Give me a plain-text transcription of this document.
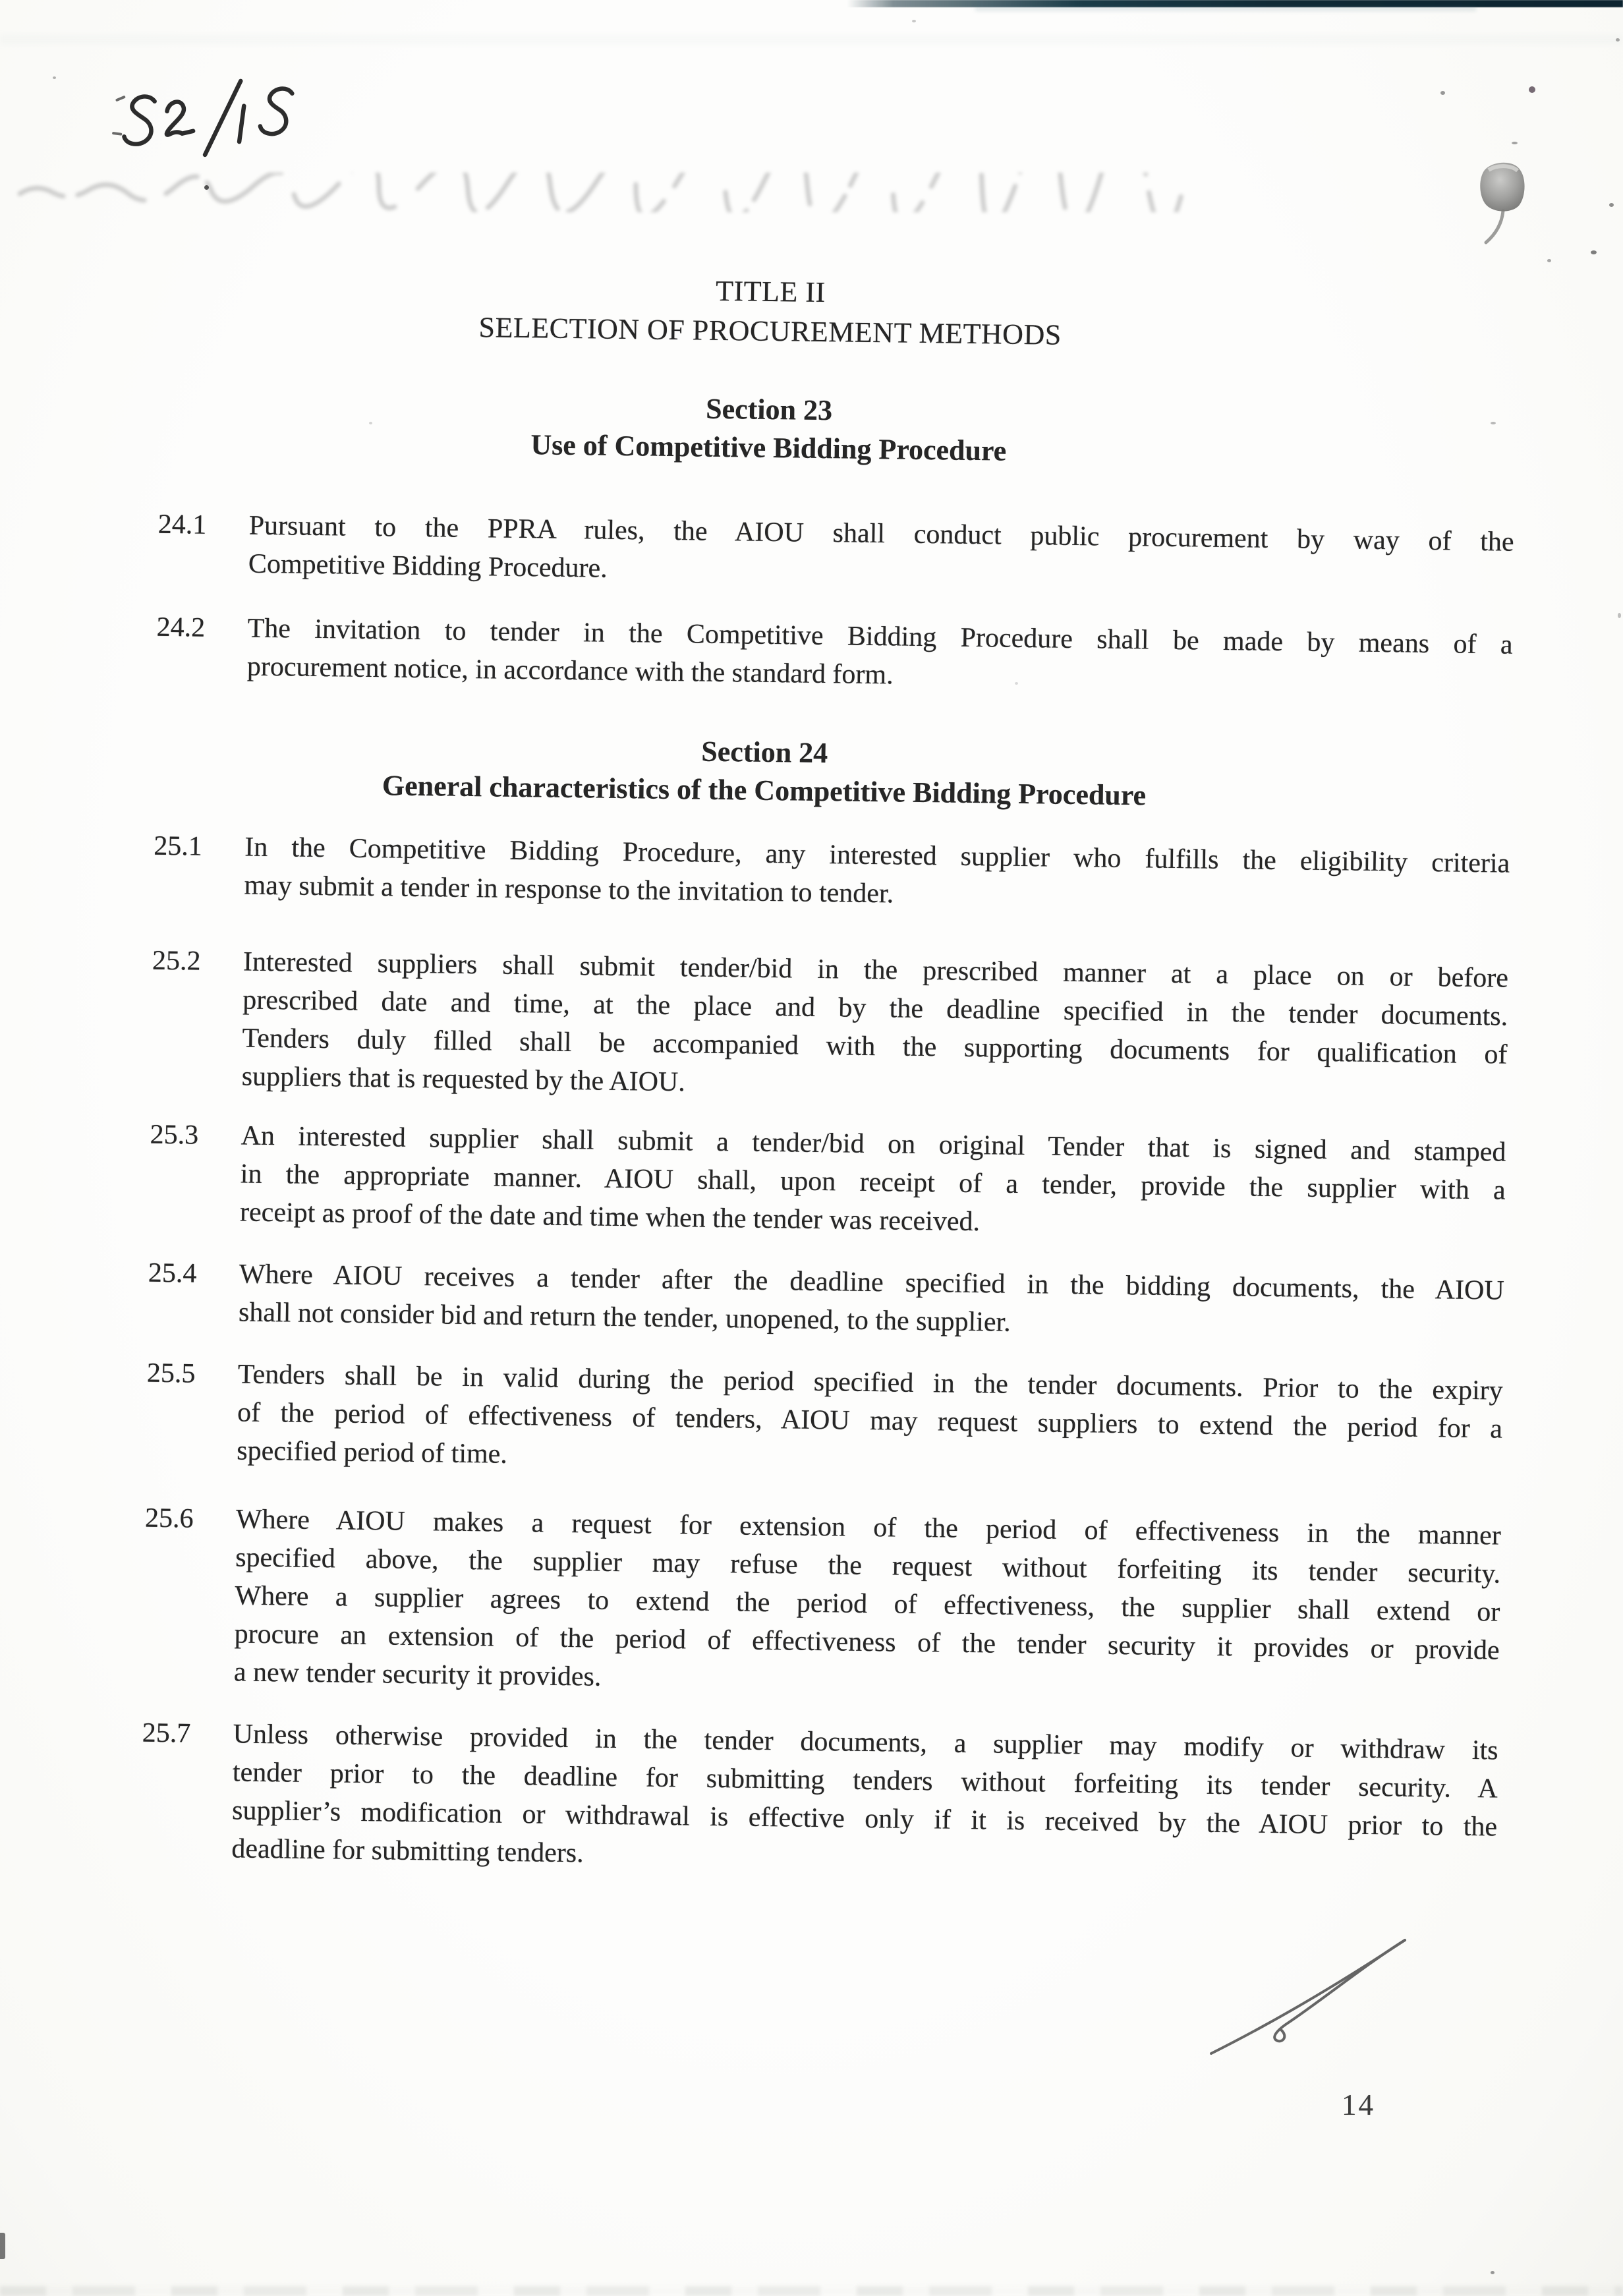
TITLE II
SELECTION OF PROCUREMENT METHODS
Section 23
Use of Competitive Bidding Procedure
24.1	Pursuant to the PPRA rules, the AIOU shall conduct public procurement by way of the
Competitive Bidding Procedure.
24.2	The invitation to tender in the Competitive Bidding Procedure shall be made by means of a
procurement notice, in accordance with the standard form.
Section 24
General characteristics of the Competitive Bidding Procedure
25.1	In the Competitive Bidding Procedure, any interested supplier who fulfills the eligibility criteria
may submit a tender in response to the invitation to tender.
25.2	Interested suppliers shall submit tender/bid in the prescribed manner at a place on or before
prescribed date and time, at the place and by the deadline specified in the tender documents.
Tenders duly filled shall be accompanied with the supporting documents for qualification of
suppliers that is requested by the AIOU.
25.3	An interested supplier shall submit a tender/bid on original Tender that is signed and stamped
in the appropriate manner. AIOU shall, upon receipt of a tender, provide the supplier with a
receipt as proof of the date and time when the tender was received.
25.4	Where AIOU receives a tender after the deadline specified in the bidding documents, the AIOU
shall not consider bid and return the tender, unopened, to the supplier.
25.5	Tenders shall be in valid during the period specified in the tender documents. Prior to the expiry
of the period of effectiveness of tenders, AIOU may request suppliers to extend the period for a
specified period of time.
25.6	Where AIOU makes a request for extension of the period of effectiveness in the manner
specified above, the supplier may refuse the request without forfeiting its tender security.
Where a supplier agrees to extend the period of effectiveness, the supplier shall extend or
procure an extension of the period of effectiveness of the tender security it provides or provide
a new tender security it provides.
25.7	Unless otherwise provided in the tender documents, a supplier may modify or withdraw its
tender prior to the deadline for submitting tenders without forfeiting its tender security. A
supplier’s modification or withdrawal is effective only if it is received by the AIOU prior to the
deadline for submitting tenders.
14
